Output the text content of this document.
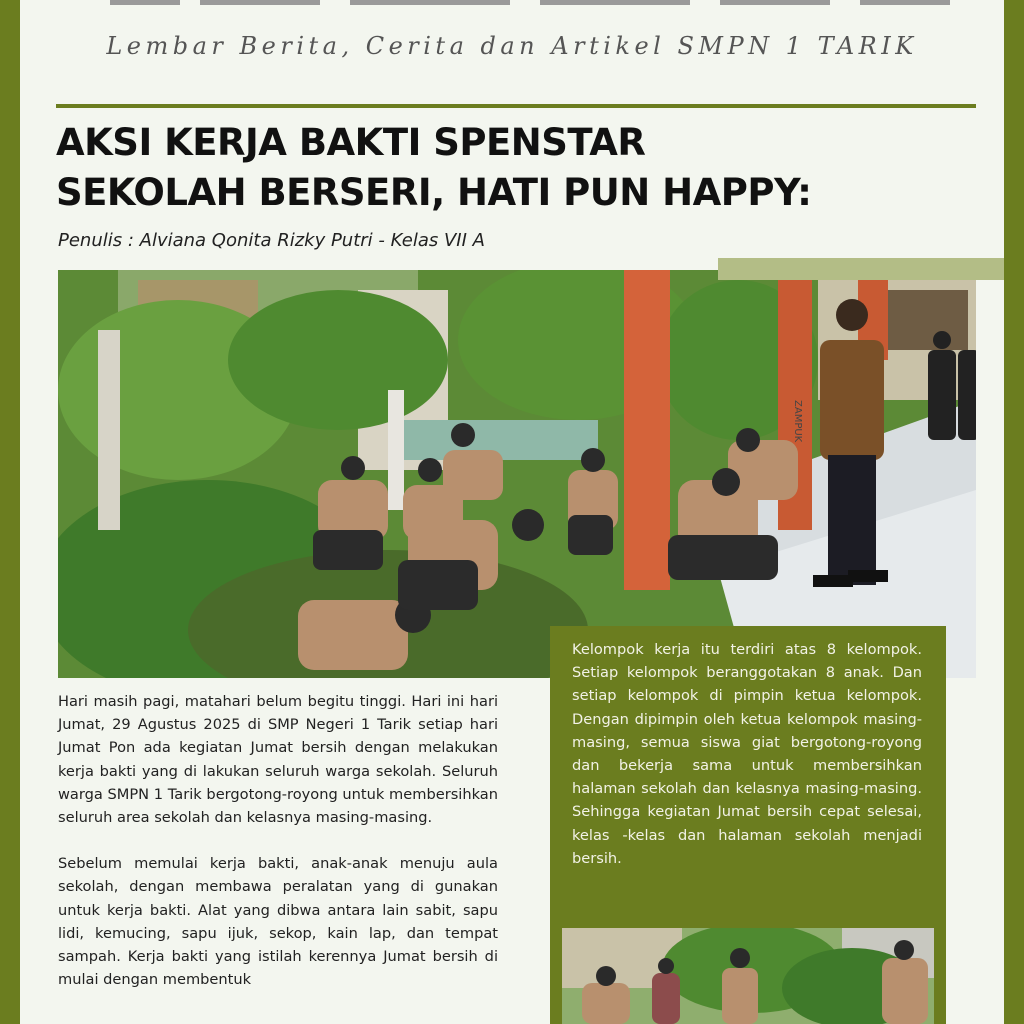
Lembar Berita, Cerita dan Artikel SMPN 1 TARIK
AKSI KERJA BAKTI SPENSTAR
SEKOLAH BERSERI, HATI PUN HAPPY:
Penulis : Alviana Qonita Rizky Putri - Kelas VII A
ZAMPUK

Hari masih pagi, matahari belum begitu tinggi. Hari ini hari Jumat, 29 Agustus 2025 di SMP Negeri 1 Tarik setiap hari Jumat Pon ada kegiatan Jumat bersih dengan melakukan kerja bakti yang di lakukan seluruh warga sekolah. Seluruh warga SMPN 1 Tarik bergotong-royong untuk membersihkan seluruh area sekolah dan kelasnya masing-masing.

Sebelum memulai kerja bakti, anak-anak menuju aula sekolah, dengan membawa peralatan yang di gunakan untuk kerja bakti. Alat yang dibwa antara lain sabit, sapu lidi, kemucing, sapu ijuk, sekop, kain lap, dan tempat sampah. Kerja bakti yang istilah kerennya Jumat bersih di mulai dengan membentuk

Kelompok kerja itu terdiri atas 8 kelompok. Setiap kelompok beranggotakan 8 anak. Dan setiap kelompok di pimpin ketua kelompok. Dengan dipimpin oleh ketua kelompok masing-masing, semua siswa giat bergotong-royong dan bekerja sama untuk membersihkan halaman sekolah dan kelasnya masing-masing. Sehingga kegiatan Jumat bersih cepat selesai, kelas -kelas dan halaman sekolah menjadi bersih.
